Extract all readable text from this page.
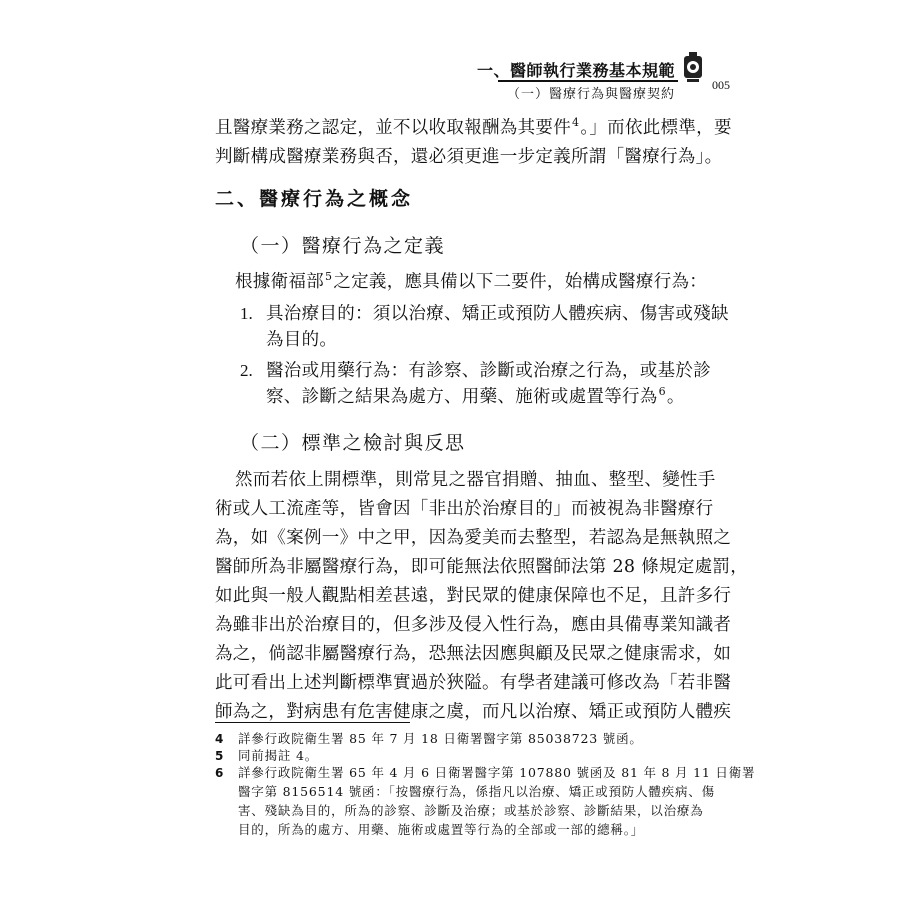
一、醫師執行業務基本規範
（一）醫療行為與醫療契約
005
且醫療業務之認定，並不以收取報酬為其要件$^4$。」而依此標準，要
判斷構成醫療業務與否，還必須更進一步定義所謂「醫療行為」。
二、醫療行為之概念
（一）醫療行為之定義
根據衛福部$^5$之定義，應具備以下二要件，始構成醫療行為：
1. 具治療目的：須以治療、矯正或預防人體疾病、傷害或殘缺
為目的。
2. 醫治或用藥行為：有診察、診斷或治療之行為，或基於診
察、診斷之結果為處方、用藥、施術或處置等行為$^6$。
（二）標準之檢討與反思
然而若依上開標準，則常見之器官捐贈、抽血、整型、變性手
術或人工流產等，皆會因「非出於治療目的」而被視為非醫療行
為，如《案例一》中之甲，因為愛美而去整型，若認為是無執照之
醫師所為非屬醫療行為，即可能無法依照醫師法第 28 條規定處罰，
如此與一般人觀點相差甚遠，對民眾的健康保障也不足，且許多行
為雖非出於治療目的，但多涉及侵入性行為，應由具備專業知識者
為之，倘認非屬醫療行為，恐無法因應與顧及民眾之健康需求，如
此可看出上述判斷標準實過於狹隘。有學者建議可修改為「若非醫
師為之，對病患有危害健康之虞，而凡以治療、矯正或預防人體疾
4 詳參行政院衛生署 85 年 7 月 18 日衛署醫字第 85038723 號函。
5 同前揭註 4。
6 詳參行政院衛生署 65 年 4 月 6 日衛署醫字第 107880 號函及 81 年 8 月 11 日衛署
醫字第 8156514 號函：「按醫療行為，係指凡以治療、矯正或預防人體疾病、傷
害、殘缺為目的，所為的診察、診斷及治療；或基於診察、診斷結果，以治療為
目的，所為的處方、用藥、施術或處置等行為的全部或一部的總稱。」
